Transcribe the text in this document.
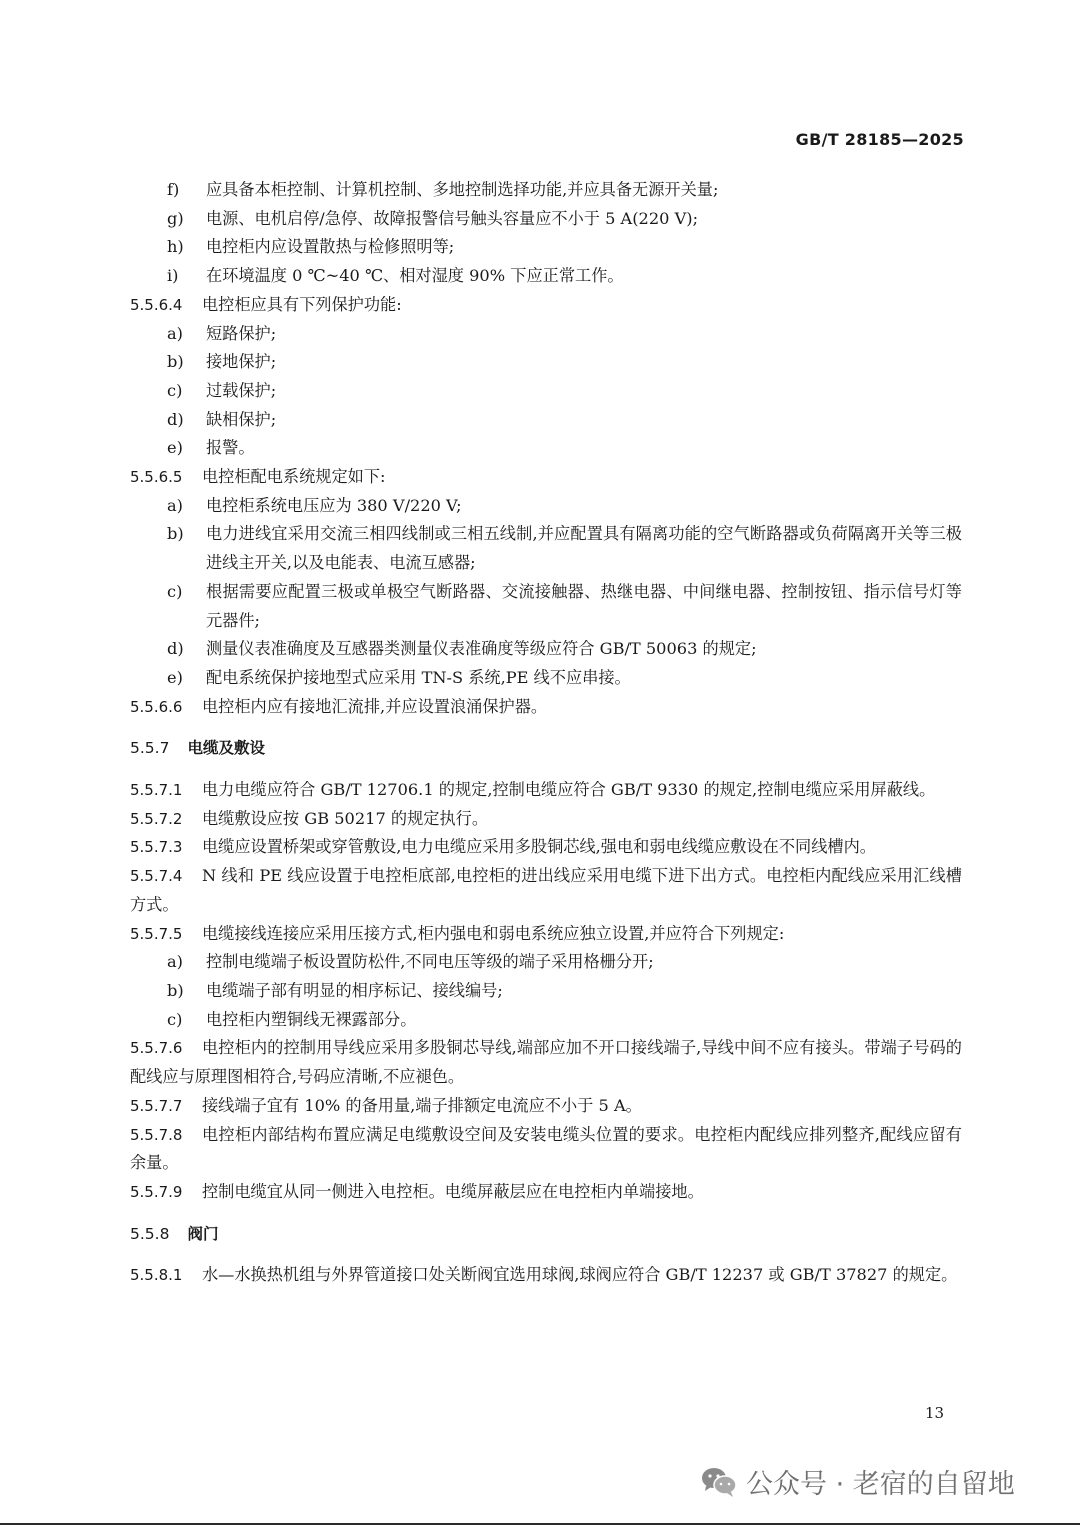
GB/T 28185—2025
f)	应具备本柜控制、计算机控制、多地控制选择功能,并应具备无源开关量;
g)	电源、电机启停/急停、故障报警信号触头容量应不小于 5 A(220 V);
h)	电控柜内应设置散热与检修照明等;
i)	在环境温度 0 ℃~40 ℃、相对湿度 90% 下应正常工作。
5.5.6.4	电控柜应具有下列保护功能:
a)	短路保护;
b)	接地保护;
c)	过载保护;
d)	缺相保护;
e)	报警。
5.5.6.5	电控柜配电系统规定如下:
a)	电控柜系统电压应为 380 V/220 V;
b)	电力进线宜采用交流三相四线制或三相五线制,并应配置具有隔离功能的空气断路器或负荷隔离开关等三极进线主开关,以及电能表、电流互感器;
c)	根据需要应配置三极或单极空气断路器、交流接触器、热继电器、中间继电器、控制按钮、指示信号灯等元器件;
d)	测量仪表准确度及互感器类测量仪表准确度等级应符合 GB/T 50063 的规定;
e)	配电系统保护接地型式应采用 TN-S 系统,PE 线不应串接。
5.5.6.6	电控柜内应有接地汇流排,并应设置浪涌保护器。
5.5.7 电缆及敷设
5.5.7.1	电力电缆应符合 GB/T 12706.1 的规定,控制电缆应符合 GB/T 9330 的规定,控制电缆应采用屏蔽线。
5.5.7.2	电缆敷设应按 GB 50217 的规定执行。
5.5.7.3	电缆应设置桥架或穿管敷设,电力电缆应采用多股铜芯线,强电和弱电线缆应敷设在不同线槽内。
5.5.7.4	N 线和 PE 线应设置于电控柜底部,电控柜的进出线应采用电缆下进下出方式。电控柜内配线应采用汇线槽方式。
5.5.7.5	电缆接线连接应采用压接方式,柜内强电和弱电系统应独立设置,并应符合下列规定:
a)	控制电缆端子板设置防松件,不同电压等级的端子采用格栅分开;
b)	电缆端子部有明显的相序标记、接线编号;
c)	电控柜内塑铜线无裸露部分。
5.5.7.6	电控柜内的控制用导线应采用多股铜芯导线,端部应加不开口接线端子,导线中间不应有接头。带端子号码的配线应与原理图相符合,号码应清晰,不应褪色。
5.5.7.7	接线端子宜有 10% 的备用量,端子排额定电流应不小于 5 A。
5.5.7.8	电控柜内部结构布置应满足电缆敷设空间及安装电缆头位置的要求。电控柜内配线应排列整齐,配线应留有余量。
5.5.7.9	控制电缆宜从同一侧进入电控柜。电缆屏蔽层应在电控柜内单端接地。
5.5.8 阀门
5.5.8.1	水—水换热机组与外界管道接口处关断阀宜选用球阀,球阀应符合 GB/T 12237 或 GB/T 37827 的规定。
13
公众号 · 老宿的自留地
